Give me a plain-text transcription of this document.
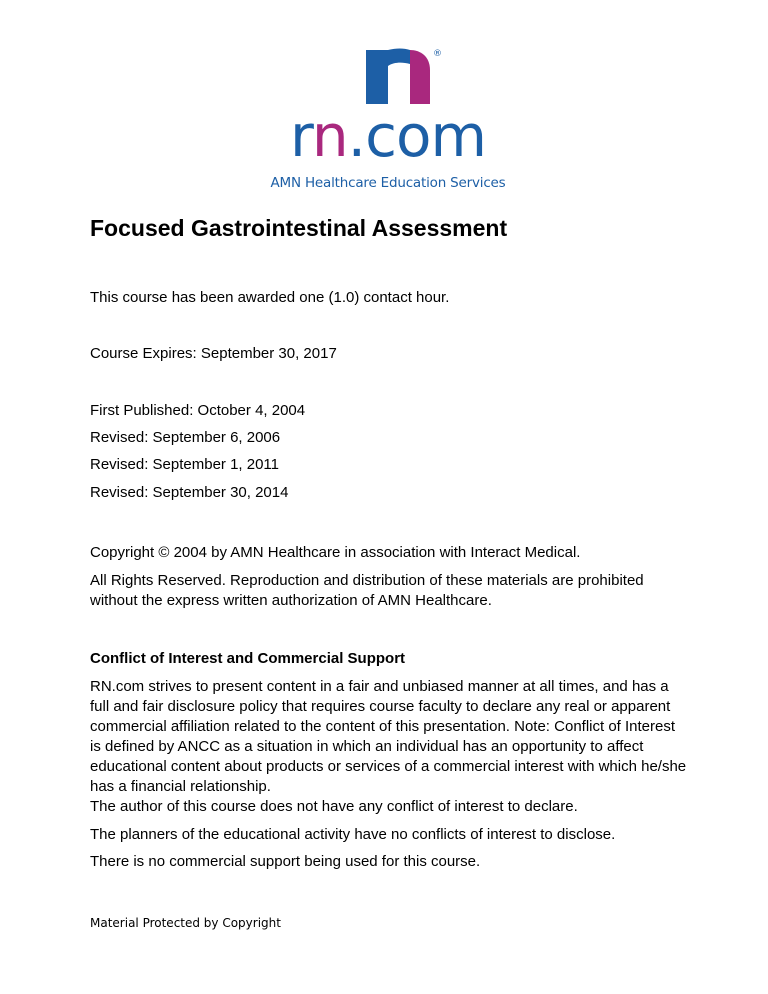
®
rn.com
AMN Healthcare Education Services
Focused Gastrointestinal Assessment
This course has been awarded one (1.0) contact hour.
Course Expires: September 30, 2017
First Published: October 4, 2004
Revised: September 6, 2006
Revised: September 1, 2011
Revised: September 30, 2014
Copyright © 2004 by AMN Healthcare in association with Interact Medical.
All Rights Reserved. Reproduction and distribution of these materials are prohibited without the express written authorization of AMN Healthcare.
Conflict of Interest and Commercial Support
RN.com strives to present content in a fair and unbiased manner at all times, and has a full and fair disclosure policy that requires course faculty to declare any real or apparent commercial affiliation related to the content of this presentation. Note: Conflict of Interest is defined by ANCC as a situation in which an individual has an opportunity to affect educational content about products or services of a commercial interest with which he/she has a financial relationship.
The author of this course does not have any conflict of interest to declare.
The planners of the educational activity have no conflicts of interest to disclose.
There is no commercial support being used for this course.
Material Protected by Copyright
